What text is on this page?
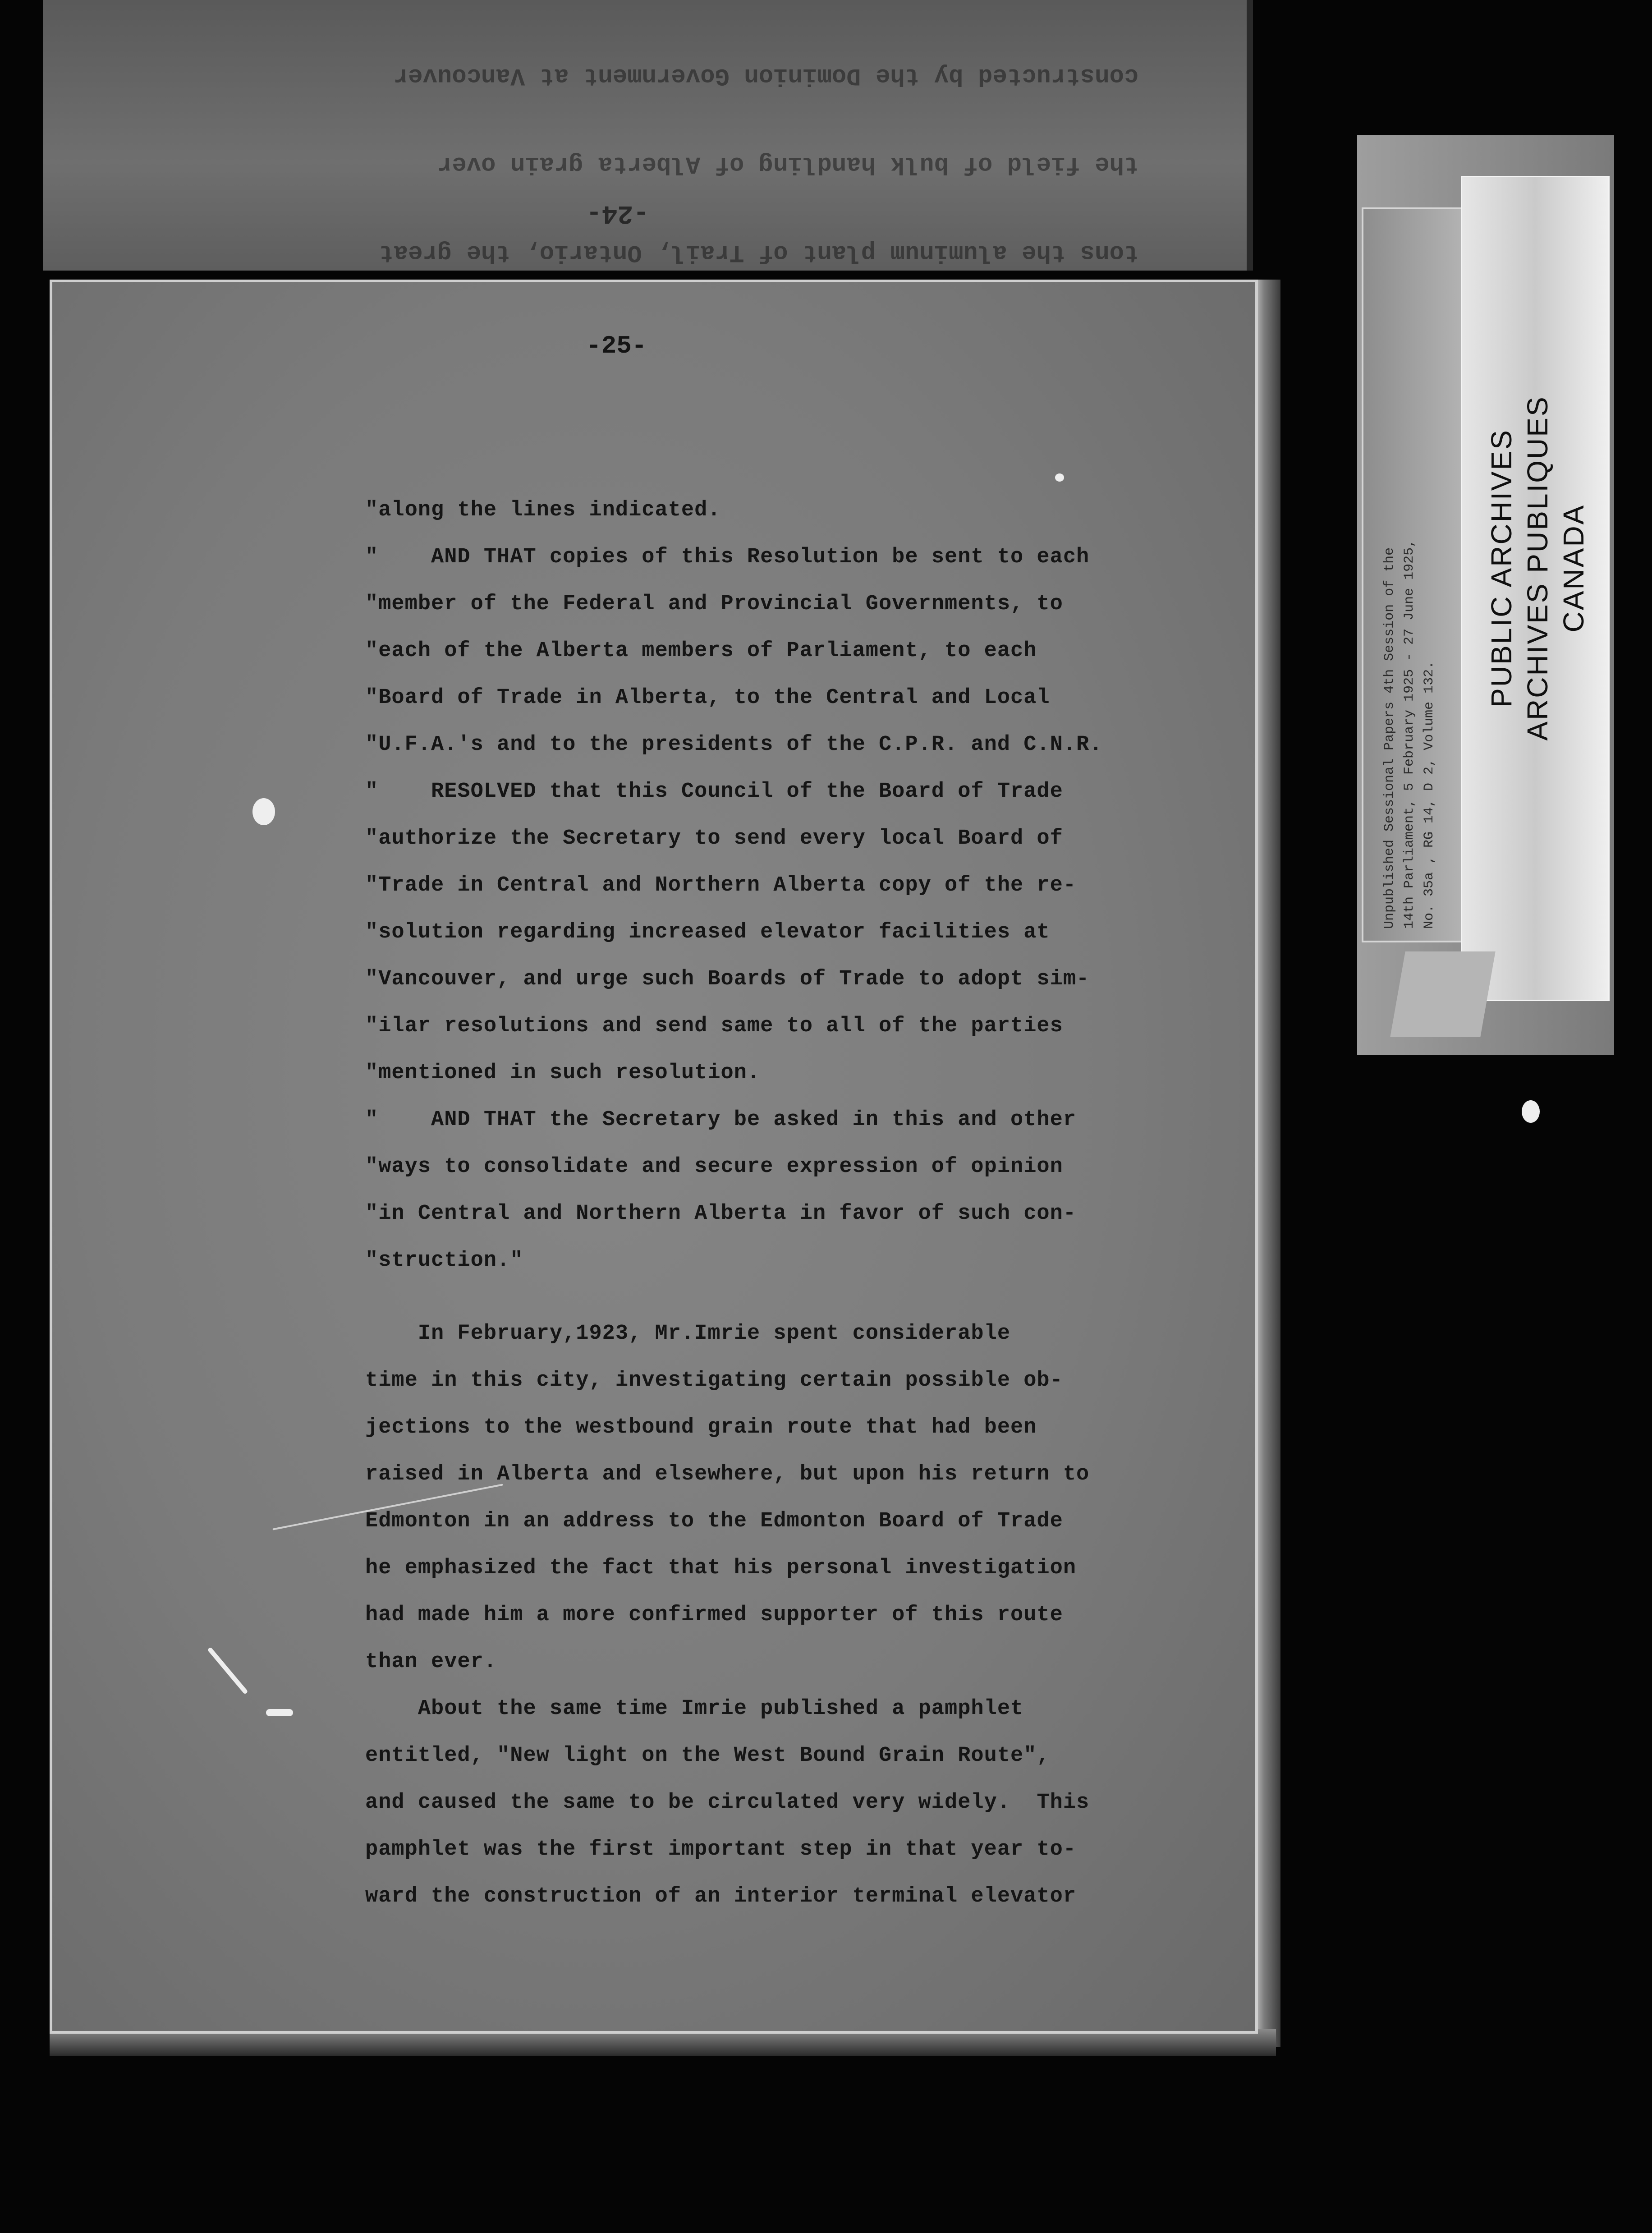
tons the aluminum plant of Trail, Ontario, the great

the field of bulk handling of Alberta grain over

constructed by the Dominion Government at Vancouver

-24-
-25-
"along the lines indicated.
"    AND THAT copies of this Resolution be sent to each
"member of the Federal and Provincial Governments, to
"each of the Alberta members of Parliament, to each
"Board of Trade in Alberta, to the Central and Local
"U.F.A.'s and to the presidents of the C.P.R. and C.N.R.
"    RESOLVED that this Council of the Board of Trade
"authorize the Secretary to send every local Board of
"Trade in Central and Northern Alberta copy of the re-
"solution regarding increased elevator facilities at
"Vancouver, and urge such Boards of Trade to adopt sim-
"ilar resolutions and send same to all of the parties
"mentioned in such resolution.
"    AND THAT the Secretary be asked in this and other
"ways to consolidate and secure expression of opinion
"in Central and Northern Alberta in favor of such con-
"struction."
In February,1923, Mr.Imrie spent considerable
time in this city, investigating certain possible ob-
jections to the westbound grain route that had been
raised in Alberta and elsewhere, but upon his return to
Edmonton in an address to the Edmonton Board of Trade
he emphasized the fact that his personal investigation
had made him a more confirmed supporter of this route
than ever.
About the same time Imrie published a pamphlet
entitled, "New light on the West Bound Grain Route",
and caused the same to be circulated very widely.  This
pamphlet was the first important step in that year to-
ward the construction of an interior terminal elevator
Unpublished Sessional Papers 4th Session of the 14th Parliament, 5 February 1925 - 27 June 1925, No. 35a , RG 14, D 2, Volume 132.
PUBLIC ARCHIVES ARCHIVES PUBLIQUES CANADA
